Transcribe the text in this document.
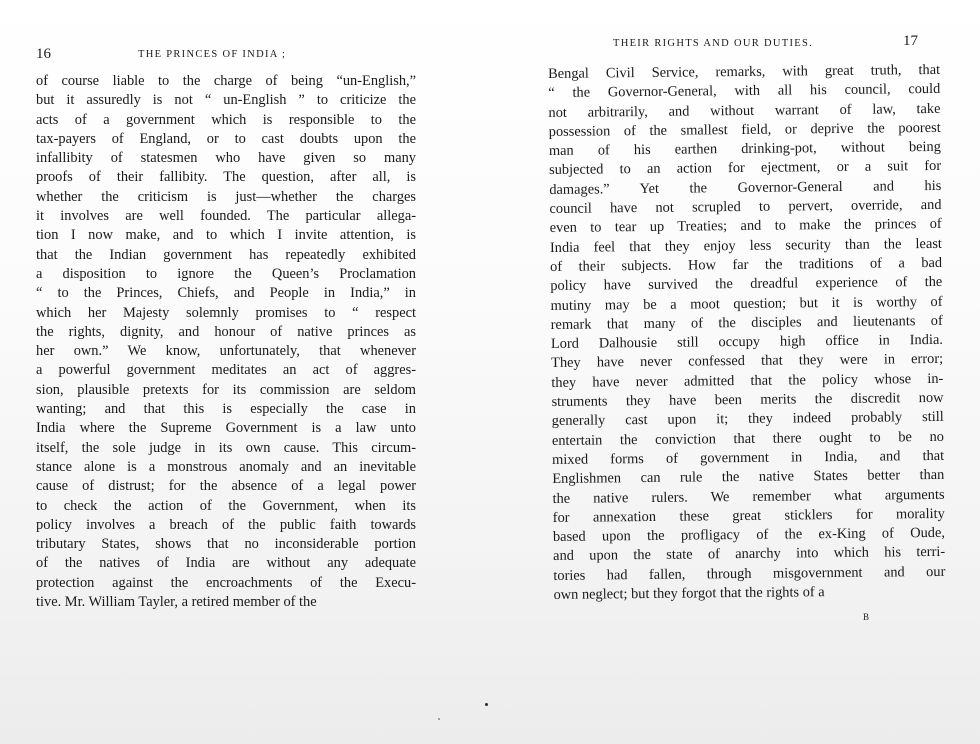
16	THE PRINCES OF INDIA ;
of course liable to the charge of being “un-English,”
but it assuredly is not “ un-English ” to criticize the
acts of a government which is responsible to the
tax-payers of England, or to cast doubts upon the
infallibity of statesmen who have given so many
proofs of their fallibity. The question, after all, is
whether the criticism is just—whether the charges
it involves are well founded. The particular allega-
tion I now make, and to which I invite attention, is
that the Indian government has repeatedly exhibited
a disposition to ignore the Queen’s Proclamation
“ to the Princes, Chiefs, and People in India,” in
which her Majesty solemnly promises to “ respect
the rights, dignity, and honour of native princes as
her own.” We know, unfortunately, that whenever
a powerful government meditates an act of aggres-
sion, plausible pretexts for its commission are seldom
wanting; and that this is especially the case in
India where the Supreme Government is a law unto
itself, the sole judge in its own cause. This circum-
stance alone is a monstrous anomaly and an inevitable
cause of distrust; for the absence of a legal power
to check the action of the Government, when its
policy involves a breach of the public faith towards
tributary States, shows that no inconsiderable portion
of the natives of India are without any adequate
protection against the encroachments of the Execu-
tive. Mr. William Tayler, a retired member of the
THEIR RIGHTS AND OUR DUTIES.	17
Bengal Civil Service, remarks, with great truth, that
“ the Governor-General, with all his council, could
not arbitrarily, and without warrant of law, take
possession of the smallest field, or deprive the poorest
man of his earthen drinking-pot, without being
subjected to an action for ejectment, or a suit for
damages.” Yet the Governor-General and his
council have not scrupled to pervert, override, and
even to tear up Treaties; and to make the princes of
India feel that they enjoy less security than the least
of their subjects. How far the traditions of a bad
policy have survived the dreadful experience of the
mutiny may be a moot question; but it is worthy of
remark that many of the disciples and lieutenants of
Lord Dalhousie still occupy high office in India.
They have never confessed that they were in error;
they have never admitted that the policy whose in-
struments they have been merits the discredit now
generally cast upon it; they indeed probably still
entertain the conviction that there ought to be no
mixed forms of government in India, and that
Englishmen can rule the native States better than
the native rulers. We remember what arguments
for annexation these great sticklers for morality
based upon the profligacy of the ex-King of Oude,
and upon the state of anarchy into which his terri-
tories had fallen, through misgovernment and our
own neglect; but they forgot that the rights of a
B
